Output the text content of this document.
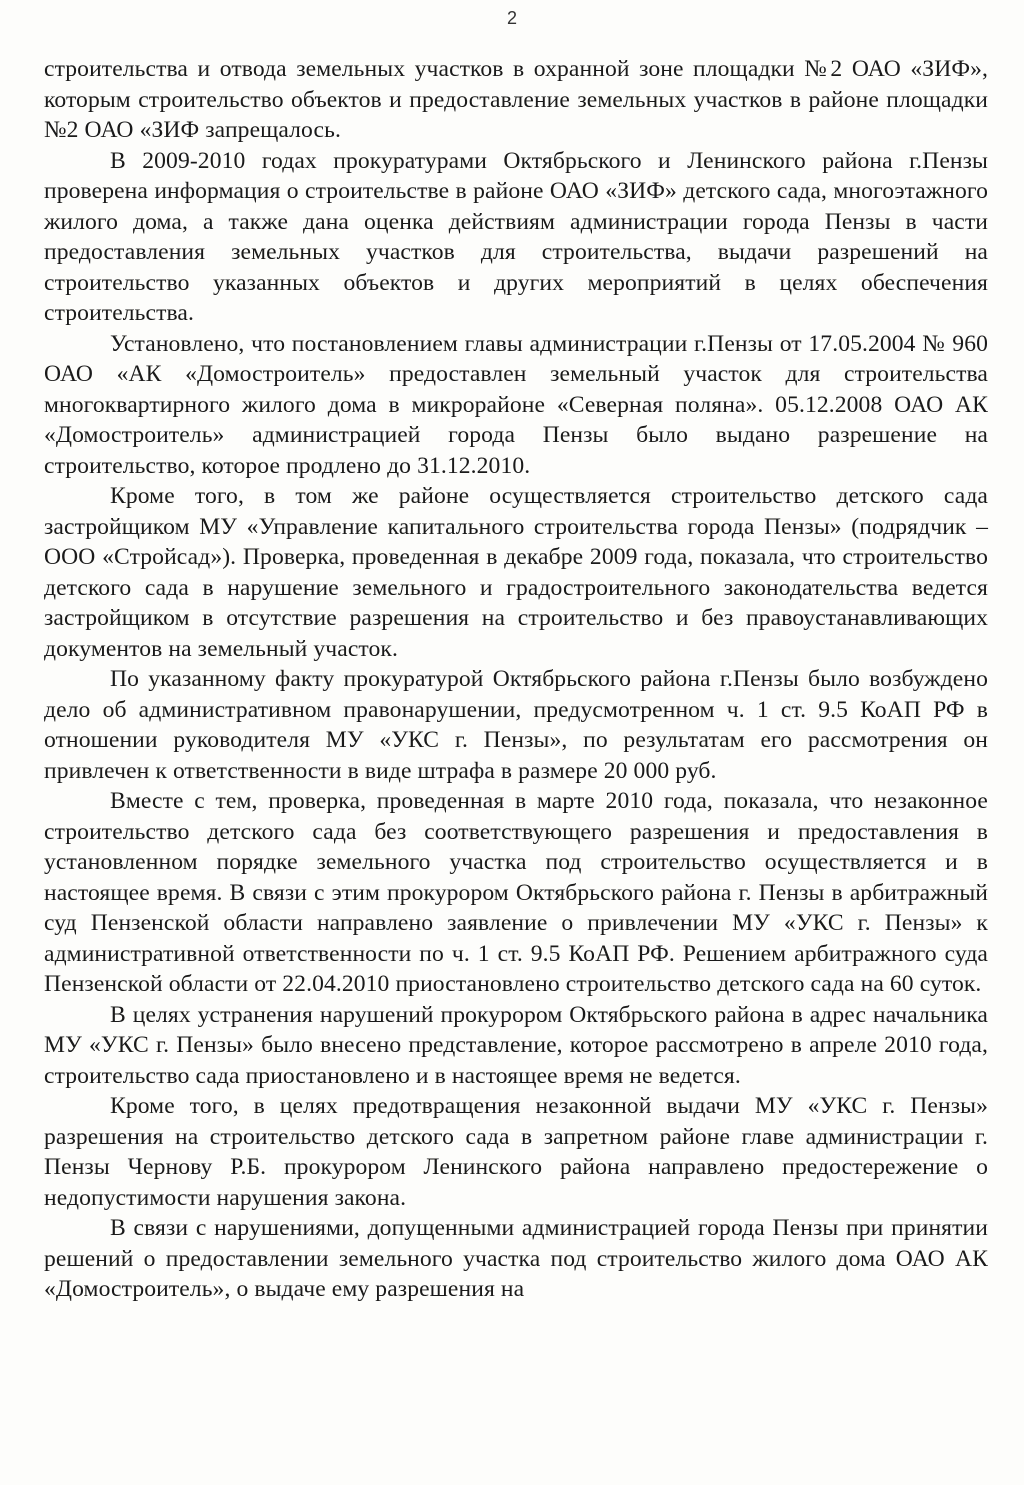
2

строительства и отвода земельных участков в охранной зоне площадки №2 ОАО «ЗИФ», которым строительство объектов и предоставление земельных участков в районе площадки №2 ОАО «ЗИФ запрещалось.

В 2009-2010 годах прокуратурами Октябрьского и Ленинского района г.Пензы проверена информация о строительстве в районе ОАО «ЗИФ» детского сада, многоэтажного жилого дома, а также дана оценка действиям администрации города Пензы в части предоставления земельных участков для строительства, выдачи разрешений на строительство указанных объектов и других мероприятий в целях обеспечения строительства.

Установлено, что постановлением главы администрации г.Пензы от 17.05.2004 № 960 ОАО «АК «Домостроитель» предоставлен земельный участок для строительства многоквартирного жилого дома в микрорайоне «Северная поляна». 05.12.2008 ОАО АК «Домостроитель» администрацией города Пензы было выдано разрешение на строительство, которое продлено до 31.12.2010.

Кроме того, в том же районе осуществляется строительство детского сада застройщиком МУ «Управление капитального строительства города Пензы» (подрядчик – ООО «Стройсад»). Проверка, проведенная в декабре 2009 года, показала, что строительство детского сада в нарушение земельного и градостроительного законодательства ведется застройщиком в отсутствие разрешения на строительство и без правоустанавливающих документов на земельный участок.

По указанному факту прокуратурой Октябрьского района г.Пензы было возбуждено дело об административном правонарушении, предусмотренном ч. 1 ст. 9.5 КоАП РФ в отношении руководителя МУ «УКС г. Пензы», по результатам его рассмотрения он привлечен к ответственности в виде штрафа в размере 20 000 руб.

Вместе с тем, проверка, проведенная в марте 2010 года, показала, что незаконное строительство детского сада без соответствующего разрешения и предоставления в установленном порядке земельного участка под строительство осуществляется и в настоящее время. В связи с этим прокурором Октябрьского района г. Пензы в арбитражный суд Пензенской области направлено заявление о привлечении МУ «УКС г. Пензы» к административной ответственности по ч. 1 ст. 9.5 КоАП РФ. Решением арбитражного суда Пензенской области от 22.04.2010 приостановлено строительство детского сада на 60 суток.

В целях устранения нарушений прокурором Октябрьского района в адрес начальника МУ «УКС г. Пензы» было внесено представление, которое рассмотрено в апреле 2010 года, строительство сада приостановлено и в настоящее время не ведется.

Кроме того, в целях предотвращения незаконной выдачи МУ «УКС г. Пензы» разрешения на строительство детского сада в запретном районе главе администрации г. Пензы Чернову Р.Б. прокурором Ленинского района направлено предостережение о недопустимости нарушения закона.

В связи с нарушениями, допущенными администрацией города Пензы при принятии решений о предоставлении земельного участка под строительство жилого дома ОАО АК «Домостроитель», о выдаче ему разрешения на
